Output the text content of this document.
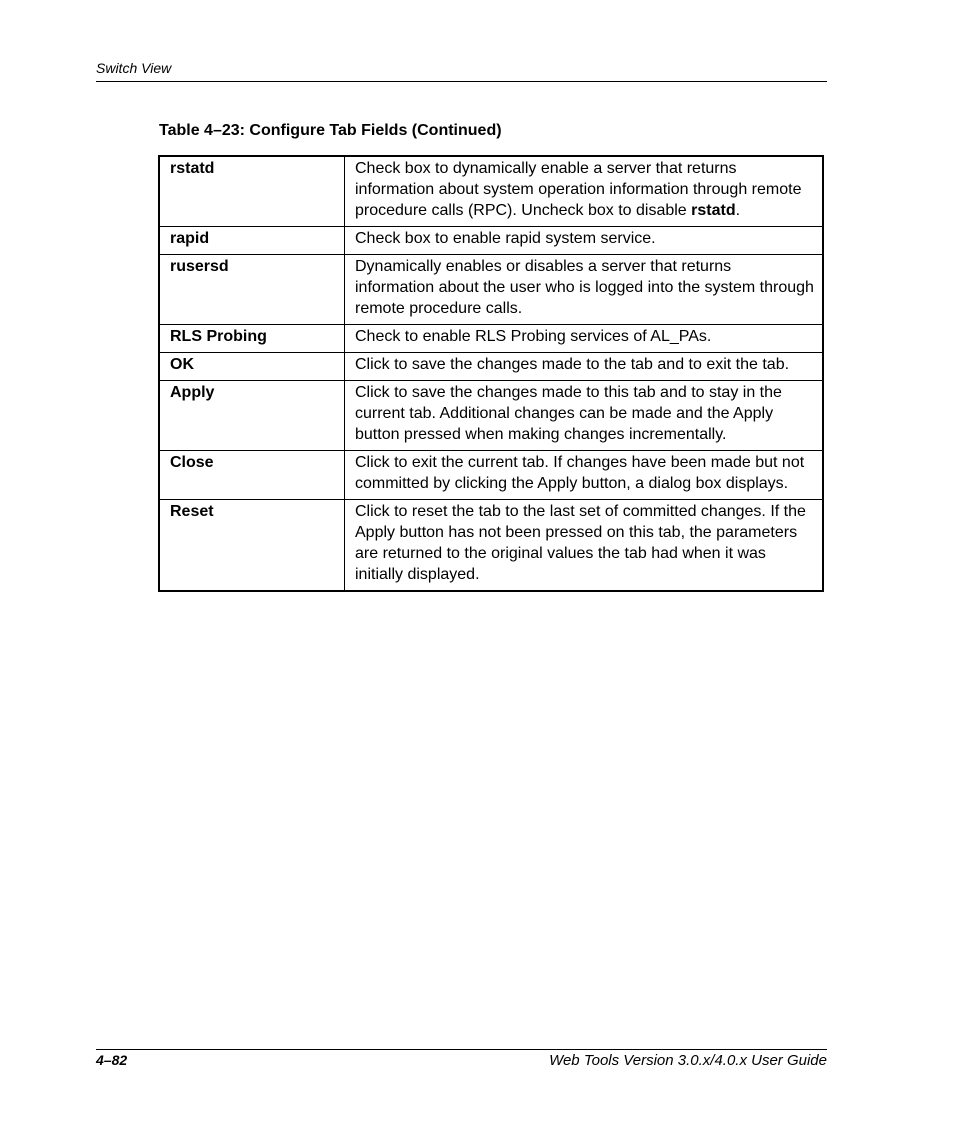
Switch View
Table 4–23: Configure Tab Fields (Continued)
rstatd	Check box to dynamically enable a server that returns information about system operation information through remote procedure calls (RPC). Uncheck box to disable rstatd.
rapid	Check box to enable rapid system service.
rusersd	Dynamically enables or disables a server that returns information about the user who is logged into the system through remote procedure calls.
RLS Probing	Check to enable RLS Probing services of AL_PAs.
OK	Click to save the changes made to the tab and to exit the tab.
Apply	Click to save the changes made to this tab and to stay in the current tab. Additional changes can be made and the Apply button pressed when making changes incrementally.
Close	Click to exit the current tab. If changes have been made but not committed by clicking the Apply button, a dialog box displays.
Reset	Click to reset the tab to the last set of committed changes. If the Apply button has not been pressed on this tab, the parameters are returned to the original values the tab had when it was initially displayed.
4–82	Web Tools Version 3.0.x/4.0.x User Guide
